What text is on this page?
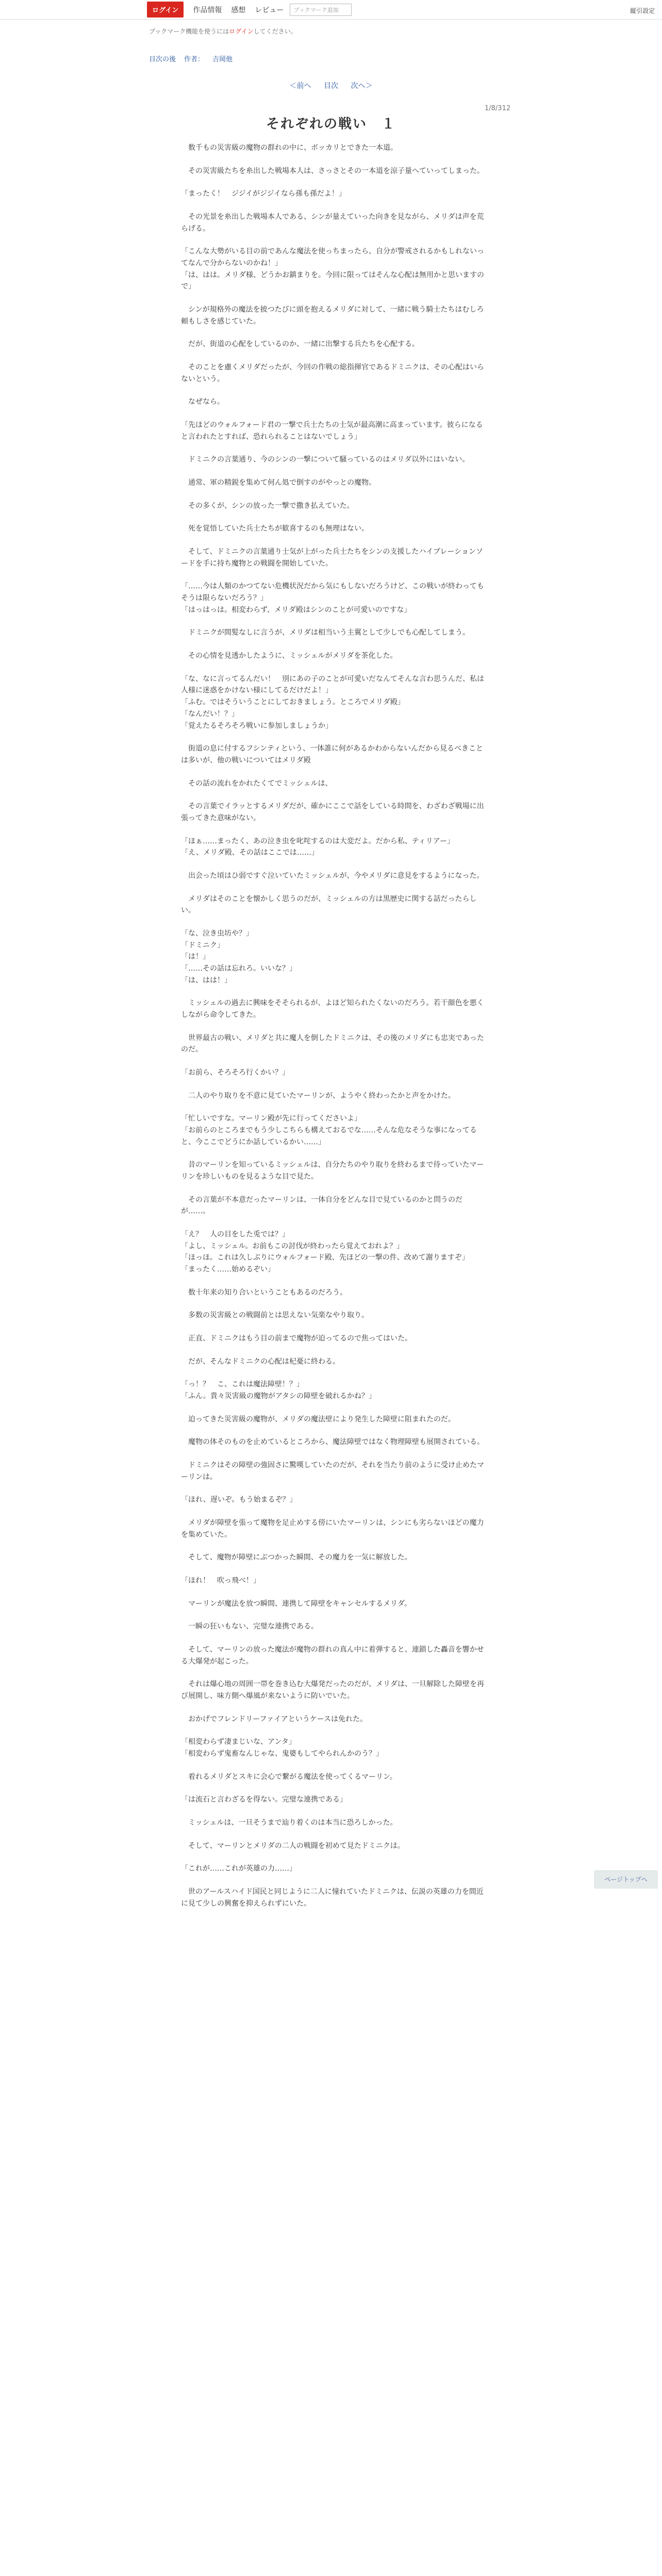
ログイン	作品情報 感想 レビュー	ブックマーク追加	縦引設定
ブックマーク機能を使うにはログインしてください。
目次の後 作者： 吉岡他
＜前へ 目次 次へ＞
1/8/312
それぞれの戦い　１

　数千もの災害級の魔物の群れの中に、ボッカリとできた一本道。

　その災害級たちを糸出した戦場本人は、さっさとその一本道を涼子量へていってしまった。

「まったく！　ジジイがジジイなら孫も孫だよ！」

　その光景を糸出した戦場本人である、シンが量えていった向きを見ながら、メリダは声を荒らげる。

「こんな大勢がいる目の前であんな魔法を使っちまったら、自分が警戒されるかもしれないってなんで分からないのかね！」
「は、はは。メリダ様、どうかお鎮まりを。今回に限ってはそんな心配は無用かと思いますので」

　シンが規格外の魔法を披つたびに頭を抱えるメリダに対して、一緒に戦う騎士たちはむしろ頼もしさを感じていた。

　だが、街道の心配をしているのか、一緒に出撃する兵たちを心配する。

　そのことを慮くメリダだったが、今回の作戦の総指揮官であるドミニクは、その心配はいらないという。

　なぜなら。

「先ほどのウォルフォード君の一撃で兵士たちの士気が最高潮に高まっています。彼らになると言われたとすれば、恐れられることはないでしょう」

　ドミニクの言葉通り、今のシンの一撃について騒っているのはメリダ以外にはいない。

　通常、軍の精鋭を集めて何ん処で倒すのがやっとの魔物。

　その多くが、シンの放った一撃で撒き払えていた。

　死を覚悟していた兵士たちが歓喜するのも無理はない。

　そして、ドミニクの言葉通り士気が上がった兵士たちをシンの支援したハイブレーションソードを手に持ち魔物との戦闘を開始していた。

「……今は人類のかつてない危機状況だから気にもしないだろうけど、この戦いが終わってもそうは限らないだろう？」
「はっはっは。相変わらず、メリダ殿はシンのことが可愛いのですな」

　ドミニクが間髪なしに言うが、メリダは相当いう主翼として少しでも心配してしまう。

　その心情を見透かしたように、ミッシェルがメリダを茶化した。

「な、なに言ってるんだい！　別にあの子のことが可愛いだなんてそんな言わ思うんだ、私は人様に迷惑をかけない様にしてるだけだよ！」
「ふむ。ではそういうことにしておきましょう。ところでメリダ殿」
「なんだい！？」
「覚えたるそろそろ戦いに参加しましょうか」

　街道の息に付するフシンティという、一体誰に何があるかわからないんだから見るべきことは多いが、他の戦いについてはメリダ殿

　その話の流れをかれたくてでミッシェルは、

　その言葉でイラッとするメリダだが、確かにここで話をしている時間を、わざわざ戦場に出張ってきた意味がない。

「ほぁ……まったく、あの泣き虫を叱咤するのは大変だよ。だから私、ティリアー」
「え、メリダ殿、その話はここでは……」

　出会った頃はひ弱ですぐ泣いていたミッシェルが、今やメリダに意見をするようになった。

　メリダはそのことを懐かしく思うのだが、ミッシェルの方は黒歴史に関する話だったらしい。

「な、泣き虫坊や？」
「ドミニク」
「は！」
「……その話は忘れろ。いいな？」
「は、はは！」

　ミッシェルの過去に興味をそそられるが、よほど知られたくないのだろう。若干顔色を悪くしながら命令してきた。

　世界最古の戦い、メリダと共に魔人を倒したドミニクは、その後のメリダにも忠実であったのだ。

「お前ら、そろそろ行くかい？」

　二人のやり取りを不意に見ていたマーリンが、ようやく終わったかと声をかけた。

「忙しいですな。マーリン殿が先に行ってくださいよ」
「お前らのところまでもう少しこちらも構えておるでな……そんな危なそうな事になってると、今ここでどうにか話しているかい……」

　昔のマーリンを知っているミッシェルは、自分たちのやり取りを終わるまで待っていたマーリンを珍しいものを見るような目で見た。

　その言葉が不本意だったマーリンは、一体自分をどんな目で見ているのかと問うのだが……。

「え？　人の目をした兎では？」
「よし、ミッシェル。お前もこの討伐が終わったら覚えておれよ？」
「ほっほ。これは久しぶりにウォルフォード殿、先ほどの一撃の件、改めて謝りますぞ」
「まったく……始めるぞい」

　数十年来の知り合いということもあるのだろう。

　多数の災害級との戦闘前とは思えない気楽なやり取り。

　正直、ドミニクはもう目の前まで魔物が迫ってるので焦ってはいた。

　だが、そんなドミニクの心配は杞憂に終わる。

「っ！？　こ、これは魔法障壁！？」
「ふん。貴々災害級の魔物がアタシの障壁を破れるかね？」

　迫ってきた災害級の魔物が、メリダの魔法壁により発生した障壁に阻まれたのだ。

　魔物の体そのものを止めているところから、魔法障壁ではなく物理障壁も展開されている。

　ドミニクはその障壁の強固さに驚嘆していたのだが、それを当たり前のように受け止めたマーリンは。

「ほれ、遅いぞ。もう始まるぞ？」

　メリダが障壁を張って魔物を足止めする傍にいたマーリンは、シンにも劣らないほどの魔力を集めていた。

　そして、魔物が障壁にぶつかった瞬間、その魔力を一気に解放した。

「ほれ！　吹っ飛べ！」

　マーリンが魔法を放つ瞬間、連携して障壁をキャンセルするメリダ。

　一瞬の狂いもない、完璧な連携である。

　そして、マーリンの放った魔法が魔物の群れの真ん中に着弾すると、連鎖した轟音を響かせる大爆発が起こった。

　それは爆心地の周囲一帯を巻き込む大爆発だったのだが、メリダは、一旦解除した障壁を再び展開し、味方側へ爆風が来ないように防いでいた。

　おかげでフレンドリーファイアというケースは免れた。

「相変わらず凄まじいな、アンタ」
「相変わらず鬼畜なんじゃな、鬼婆もしてやられんかのう？」

　着れるメリダとスキに会心で繋がる魔法を使ってくるマーリン。

「は流石と言わざるを得ない。完璧な連携である」

　ミッシェルは、一旦そうまで辿り着くのは本当に恐ろしかった。

　そして、マーリンとメリダの二人の戦闘を初めて見たドミニクは。

「これが……これが英雄の力……」

　世のアールスハイド国民と同じように二人に憧れていたドミニクは、伝説の英雄の力を間近に見て少しの興奮を抑えられずにいた。

ページトップへ
